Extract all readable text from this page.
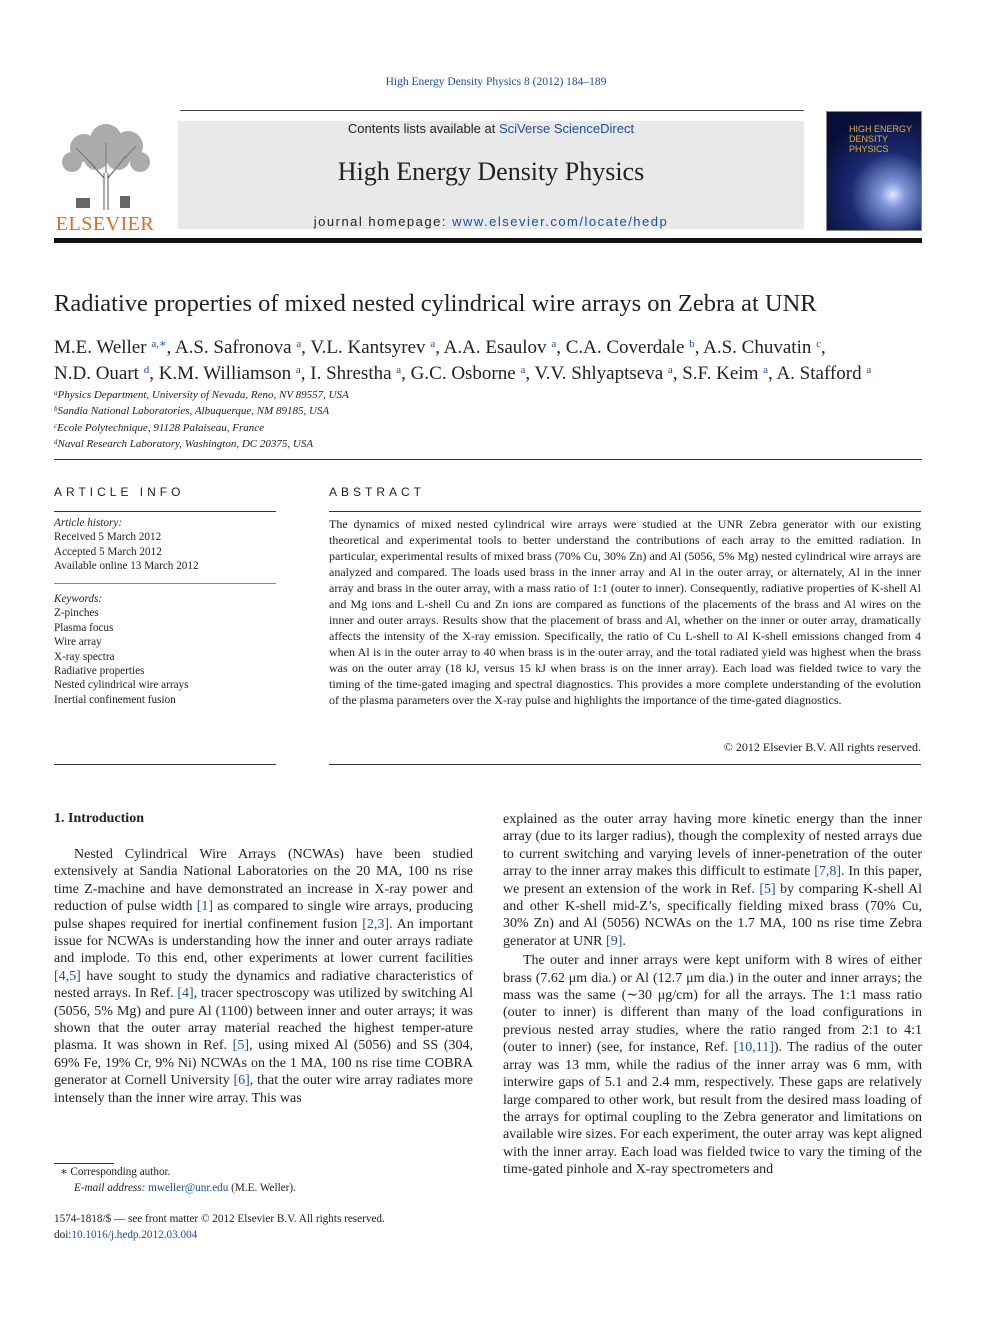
High Energy Density Physics 8 (2012) 184–189
ELSEVIER
Contents lists available at SciVerse ScienceDirect
High Energy Density Physics
journal homepage: www.elsevier.com/locate/hedp
HIGH ENERGY
DENSITY PHYSICS
Radiative properties of mixed nested cylindrical wire arrays on Zebra at UNR
M.E. Weller $^{a,∗}$, A.S. Safronova $^a$, V.L. Kantsyrev $^a$, A.A. Esaulov $^a$, C.A. Coverdale $^b$, A.S. Chuvatin $^c$,
N.D. Ouart $^d$, K.M. Williamson $^a$, I. Shrestha $^a$, G.C. Osborne $^a$, V.V. Shlyaptseva $^a$, S.F. Keim $^a$, A. Stafford $^a$
$^a$Physics Department, University of Nevada, Reno, NV 89557, USA
$^b$Sandia National Laboratories, Albuquerque, NM 89185, USA
$^c$Ecole Polytechnique, 91128 Palaiseau, France
$^d$Naval Research Laboratory, Washington, DC 20375, USA
ARTICLE INFO
Article history:
Received 5 March 2012
Accepted 5 March 2012
Available online 13 March 2012
Keywords:
Z-pinches
Plasma focus
Wire array
X-ray spectra
Radiative properties
Nested cylindrical wire arrays
Inertial confinement fusion
ABSTRACT
The dynamics of mixed nested cylindrical wire arrays were studied at the UNR Zebra generator with our existing theoretical and experimental tools to better understand the contributions of each array to the emitted radiation. In particular, experimental results of mixed brass (70% Cu, 30% Zn) and Al (5056, 5% Mg) nested cylindrical wire arrays are analyzed and compared. The loads used brass in the inner array and Al in the outer array, or alternately, Al in the inner array and brass in the outer array, with a mass ratio of 1:1 (outer to inner). Consequently, radiative properties of K-shell Al and Mg ions and L-shell Cu and Zn ions are compared as functions of the placements of the brass and Al wires on the inner and outer arrays. Results show that the placement of brass and Al, whether on the inner or outer array, dramatically affects the intensity of the X-ray emission. Specifically, the ratio of Cu L-shell to Al K-shell emissions changed from 4 when Al is in the outer array to 40 when brass is in the outer array, and the total radiated yield was highest when the brass was on the outer array (18 kJ, versus 15 kJ when brass is on the inner array). Each load was fielded twice to vary the timing of the time-gated imaging and spectral diagnostics. This provides a more complete understanding of the evolution of the plasma parameters over the X-ray pulse and highlights the importance of the time-gated diagnostics.
© 2012 Elsevier B.V. All rights reserved.
1. Introduction

Nested Cylindrical Wire Arrays (NCWAs) have been studied extensively at Sandia National Laboratories on the 20 MA, 100 ns rise time Z-machine and have demonstrated an increase in X-ray power and reduction of pulse width [1] as compared to single wire arrays, producing pulse shapes required for inertial confinement fusion [2,3]. An important issue for NCWAs is understanding how the inner and outer arrays radiate and implode. To this end, other experiments at lower current facilities [4,5] have sought to study the dynamics and radiative characteristics of nested arrays. In Ref. [4], tracer spectroscopy was utilized by switching Al (5056, 5% Mg) and pure Al (1100) between inner and outer arrays; it was shown that the outer array material reached the highest temper-ature plasma. It was shown in Ref. [5], using mixed Al (5056) and SS (304, 69% Fe, 19% Cr, 9% Ni) NCWAs on the 1 MA, 100 ns rise time COBRA generator at Cornell University [6], that the outer wire array radiates more intensely than the inner wire array. This was

explained as the outer array having more kinetic energy than the inner array (due to its larger radius), though the complexity of nested arrays due to current switching and varying levels of inner-penetration of the outer array to the inner array makes this difficult to estimate [7,8]. In this paper, we present an extension of the work in Ref. [5] by comparing K-shell Al and other K-shell mid-Z’s, specifically fielding mixed brass (70% Cu, 30% Zn) and Al (5056) NCWAs on the 1.7 MA, 100 ns rise time Zebra generator at UNR [9].

The outer and inner arrays were kept uniform with 8 wires of either brass (7.62 μm dia.) or Al (12.7 μm dia.) in the outer and inner arrays; the mass was the same (∼30 μg/cm) for all the arrays. The 1:1 mass ratio (outer to inner) is different than many of the load configurations in previous nested array studies, where the ratio ranged from 2:1 to 4:1 (outer to inner) (see, for instance, Ref. [10,11]). The radius of the outer array was 13 mm, while the radius of the inner array was 6 mm, with interwire gaps of 5.1 and 2.4 mm, respectively. These gaps are relatively large compared to other work, but result from the desired mass loading of the arrays for optimal coupling to the Zebra generator and limitations on available wire sizes. For each experiment, the outer array was kept aligned with the inner array. Each load was fielded twice to vary the timing of the time-gated pinhole and X-ray spectrometers and

∗ Corresponding author.
E-mail address: mweller@unr.edu (M.E. Weller).
1574-1818/$ — see front matter © 2012 Elsevier B.V. All rights reserved.
doi:10.1016/j.hedp.2012.03.004
